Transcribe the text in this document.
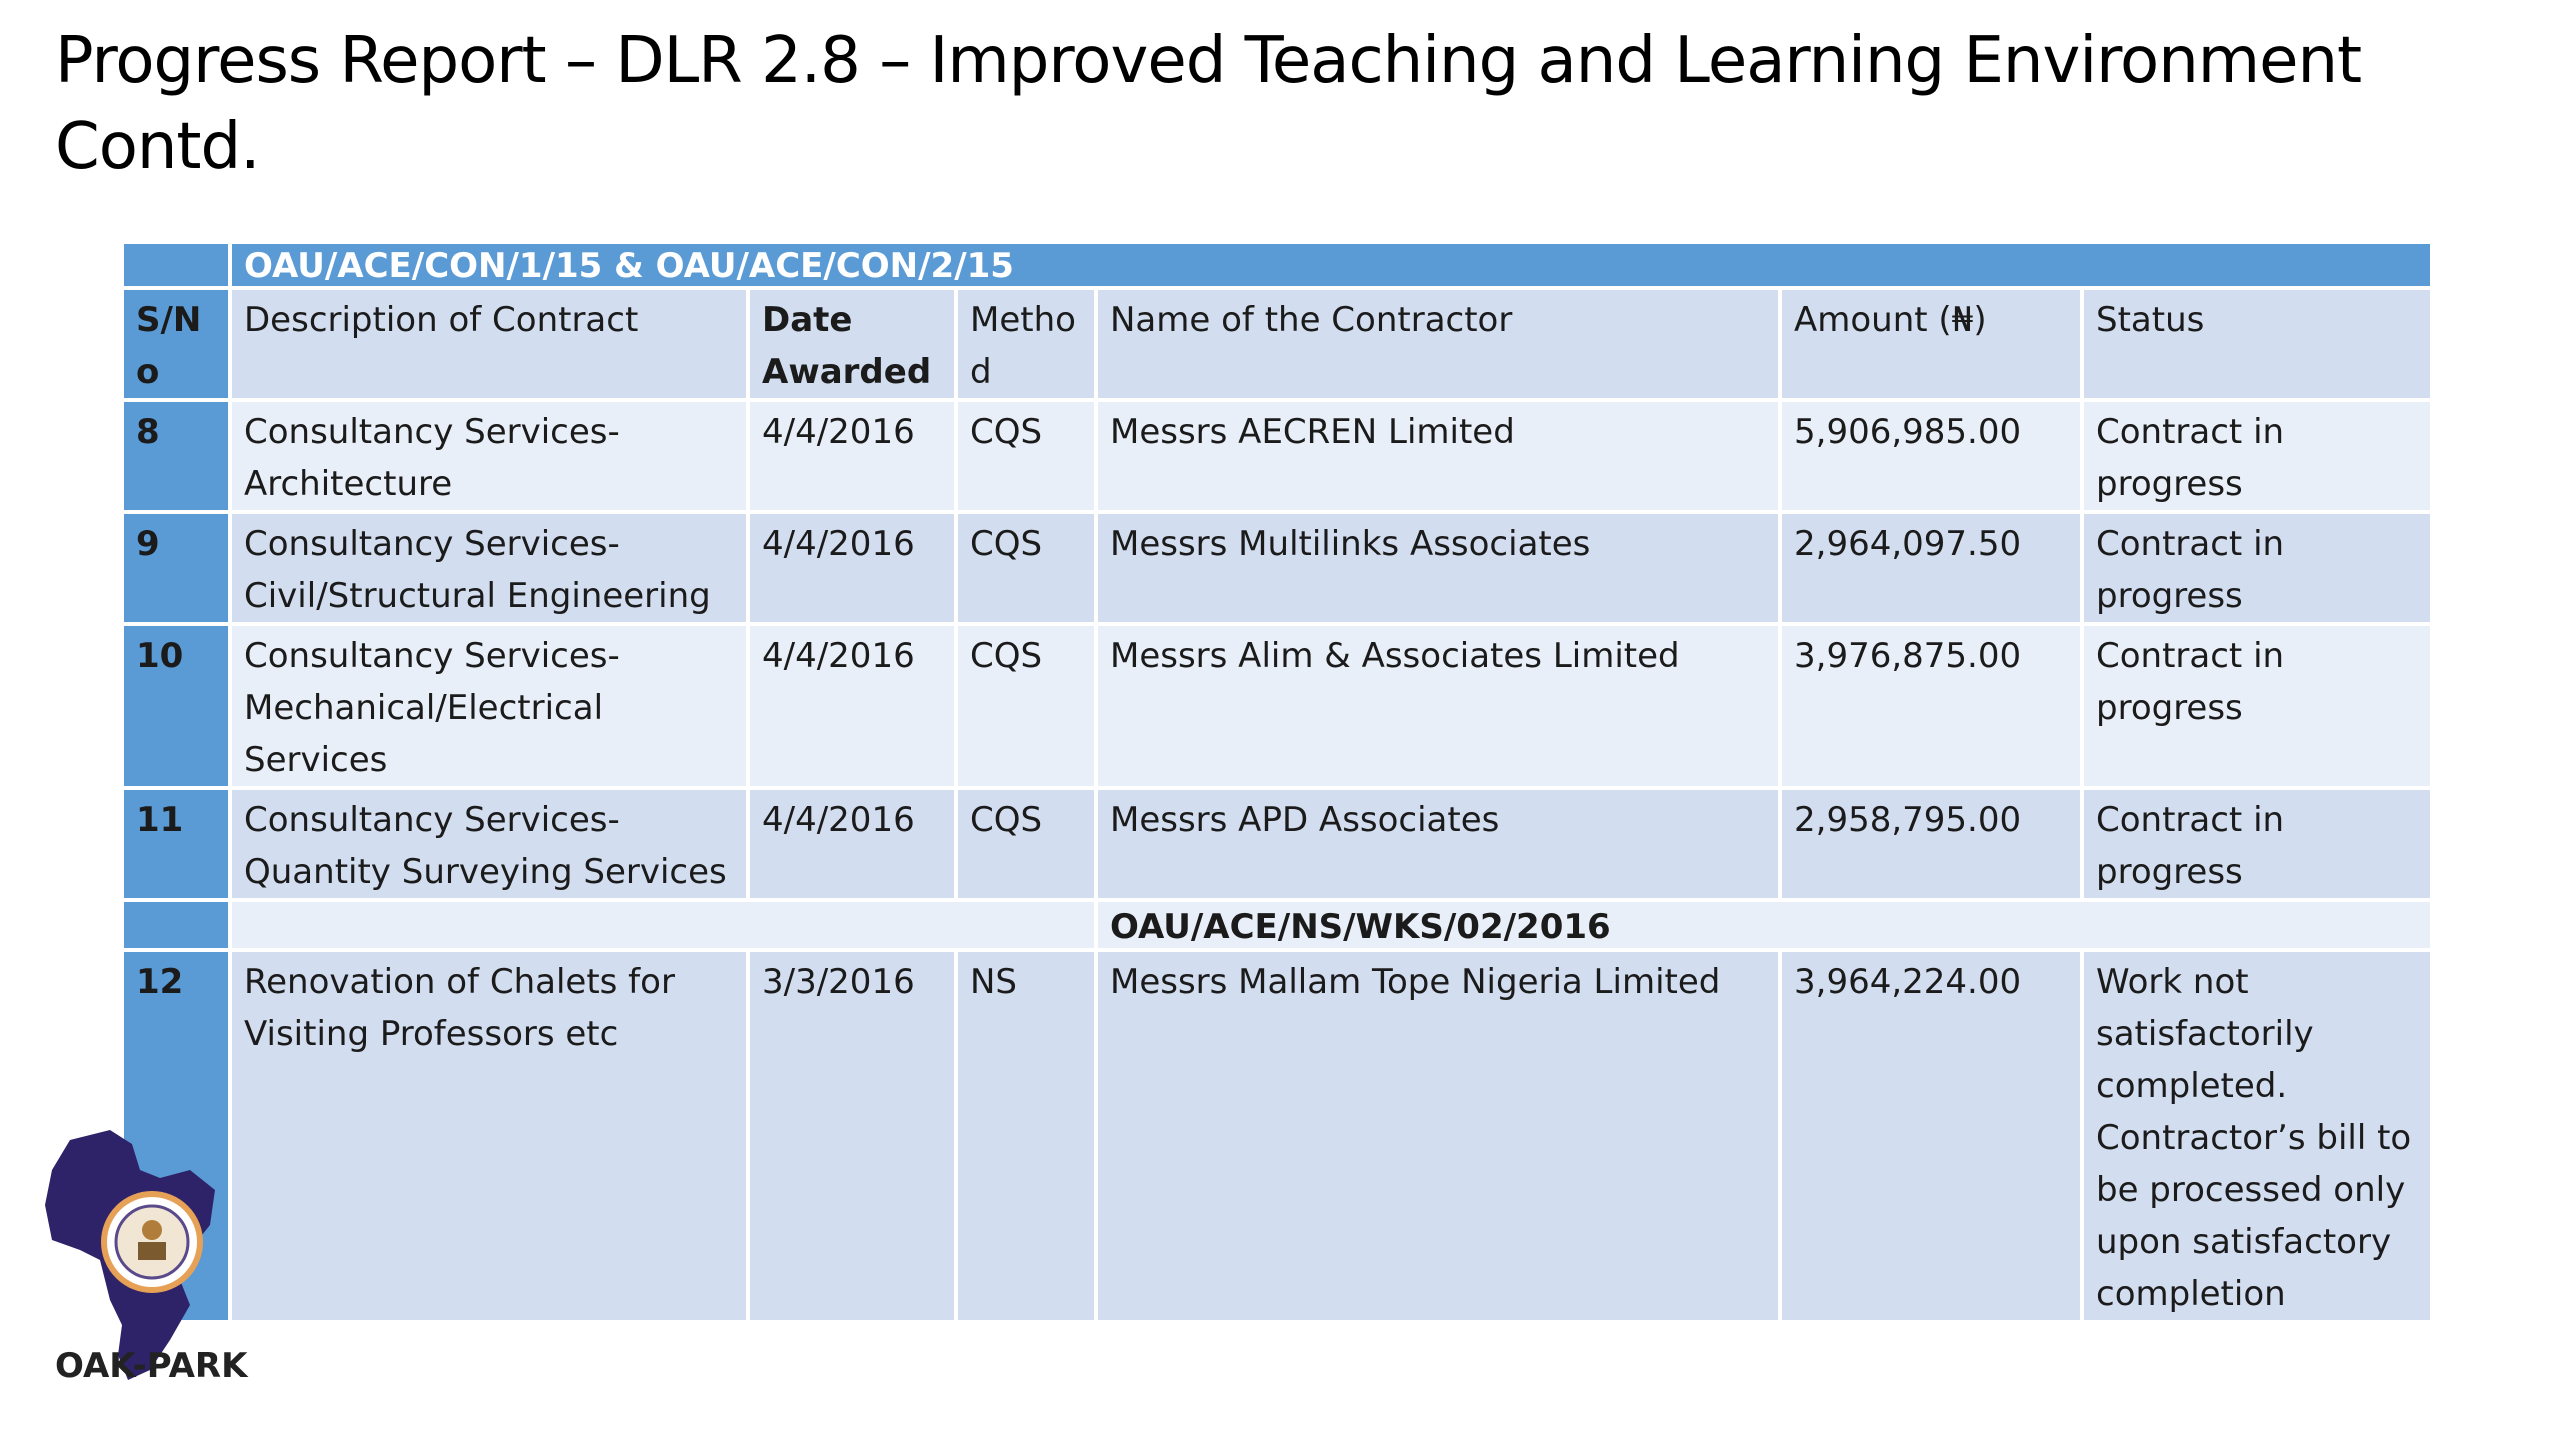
Progress Report – DLR 2.8 – Improved Teaching and Learning Environment Contd.
	OAU/ACE/CON/1/15 & OAU/ACE/CON/2/15					
S/No	Description of Contract	Date Awarded	Method	Name of the Contractor	Amount (₦)	Status
8	Consultancy Services-Architecture	4/4/2016	CQS	Messrs AECREN Limited	5,906,985.00	Contract in progress
9	Consultancy Services-Civil/Structural Engineering	4/4/2016	CQS	Messrs Multilinks Associates	2,964,097.50	Contract in progress
10	Consultancy Services-Mechanical/Electrical Services	4/4/2016	CQS	Messrs Alim & Associates Limited	3,976,875.00	Contract in progress
11	Consultancy Services-Quantity Surveying Services	4/4/2016	CQS	Messrs APD Associates	2,958,795.00	Contract in progress
				OAU/ACE/NS/WKS/02/2016		
12	Renovation of Chalets for Visiting Professors etc	3/3/2016	NS	Messrs Mallam Tope Nigeria Limited	3,964,224.00	Work not satisfactorily completed. Contractor’s bill to be processed only upon satisfactory completion
OAK-PARK
